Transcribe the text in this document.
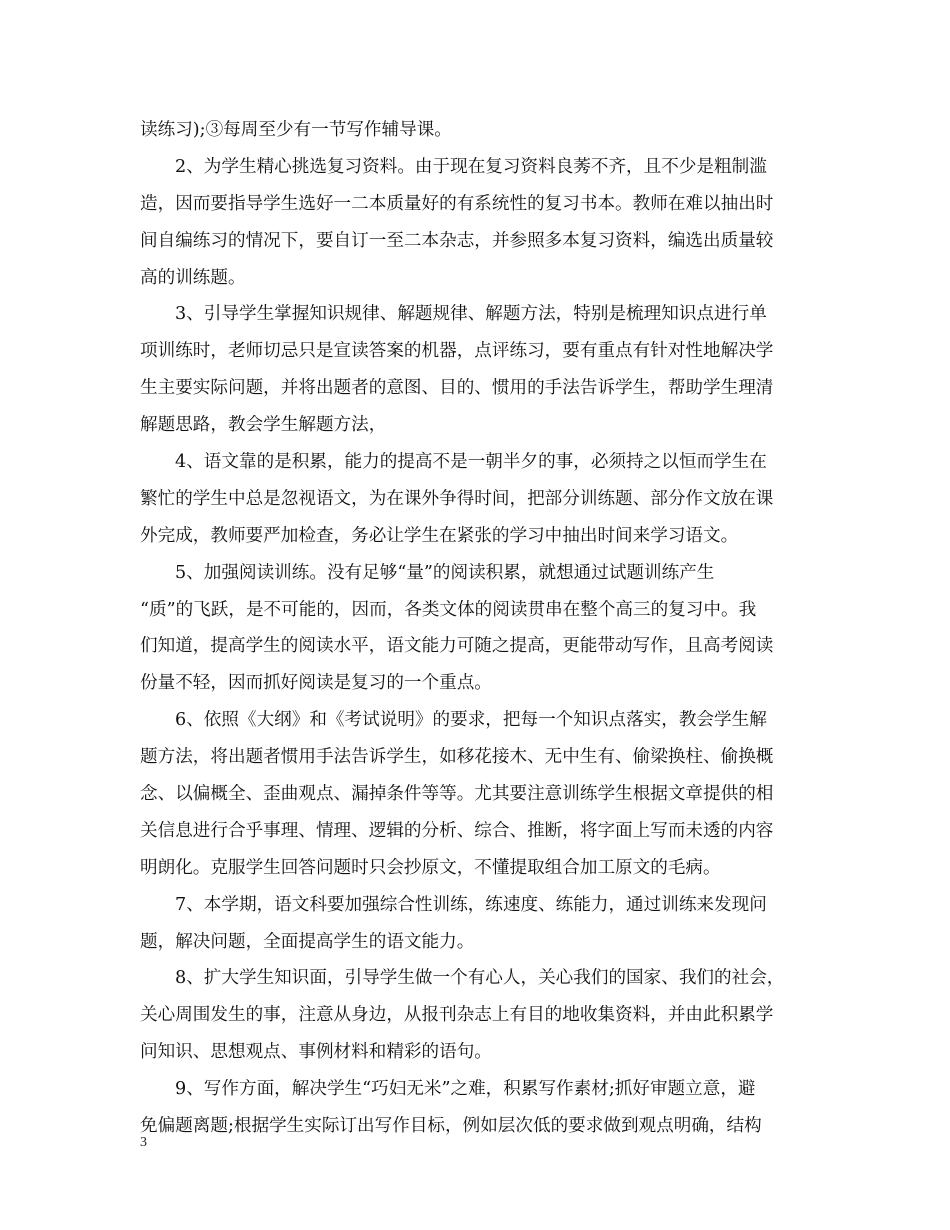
读练习);③每周至少有一节写作辅导课。
2、为学生精心挑选复习资料。由于现在复习资料良莠不齐，且不少是粗制滥
造，因而要指导学生选好一二本质量好的有系统性的复习书本。教师在难以抽出时
间自编练习的情况下，要自订一至二本杂志，并参照多本复习资料，编选出质量较
高的训练题。
3、引导学生掌握知识规律、解题规律、解题方法，特别是梳理知识点进行单
项训练时，老师切忌只是宣读答案的机器，点评练习，要有重点有针对性地解决学
生主要实际问题，并将出题者的意图、目的、惯用的手法告诉学生，帮助学生理清
解题思路，教会学生解题方法，
4、语文靠的是积累，能力的提高不是一朝半夕的事，必须持之以恒而学生在
繁忙的学生中总是忽视语文，为在课外争得时间，把部分训练题、部分作文放在课
外完成，教师要严加检查，务必让学生在紧张的学习中抽出时间来学习语文。
5、加强阅读训练。没有足够“量”的阅读积累，就想通过试题训练产生
“质”的飞跃，是不可能的，因而，各类文体的阅读贯串在整个高三的复习中。我
们知道，提高学生的阅读水平，语文能力可随之提高，更能带动写作，且高考阅读
份量不轻，因而抓好阅读是复习的一个重点。
6、依照《大纲》和《考试说明》的要求，把每一个知识点落实，教会学生解
题方法，将出题者惯用手法告诉学生，如移花接木、无中生有、偷梁换柱、偷换概
念、以偏概全、歪曲观点、漏掉条件等等。尤其要注意训练学生根据文章提供的相
关信息进行合乎事理、情理、逻辑的分析、综合、推断，将字面上写而未透的内容
明朗化。克服学生回答问题时只会抄原文，不懂提取组合加工原文的毛病。
7、本学期，语文科要加强综合性训练，练速度、练能力，通过训练来发现问
题，解决问题，全面提高学生的语文能力。
8、扩大学生知识面，引导学生做一个有心人，关心我们的国家、我们的社会，
关心周围发生的事，注意从身边，从报刊杂志上有目的地收集资料，并由此积累学
问知识、思想观点、事例材料和精彩的语句。
9、写作方面，解决学生“巧妇无米”之难，积累写作素材;抓好审题立意，避
免偏题离题;根据学生实际订出写作目标，例如层次低的要求做到观点明确，结构
3
